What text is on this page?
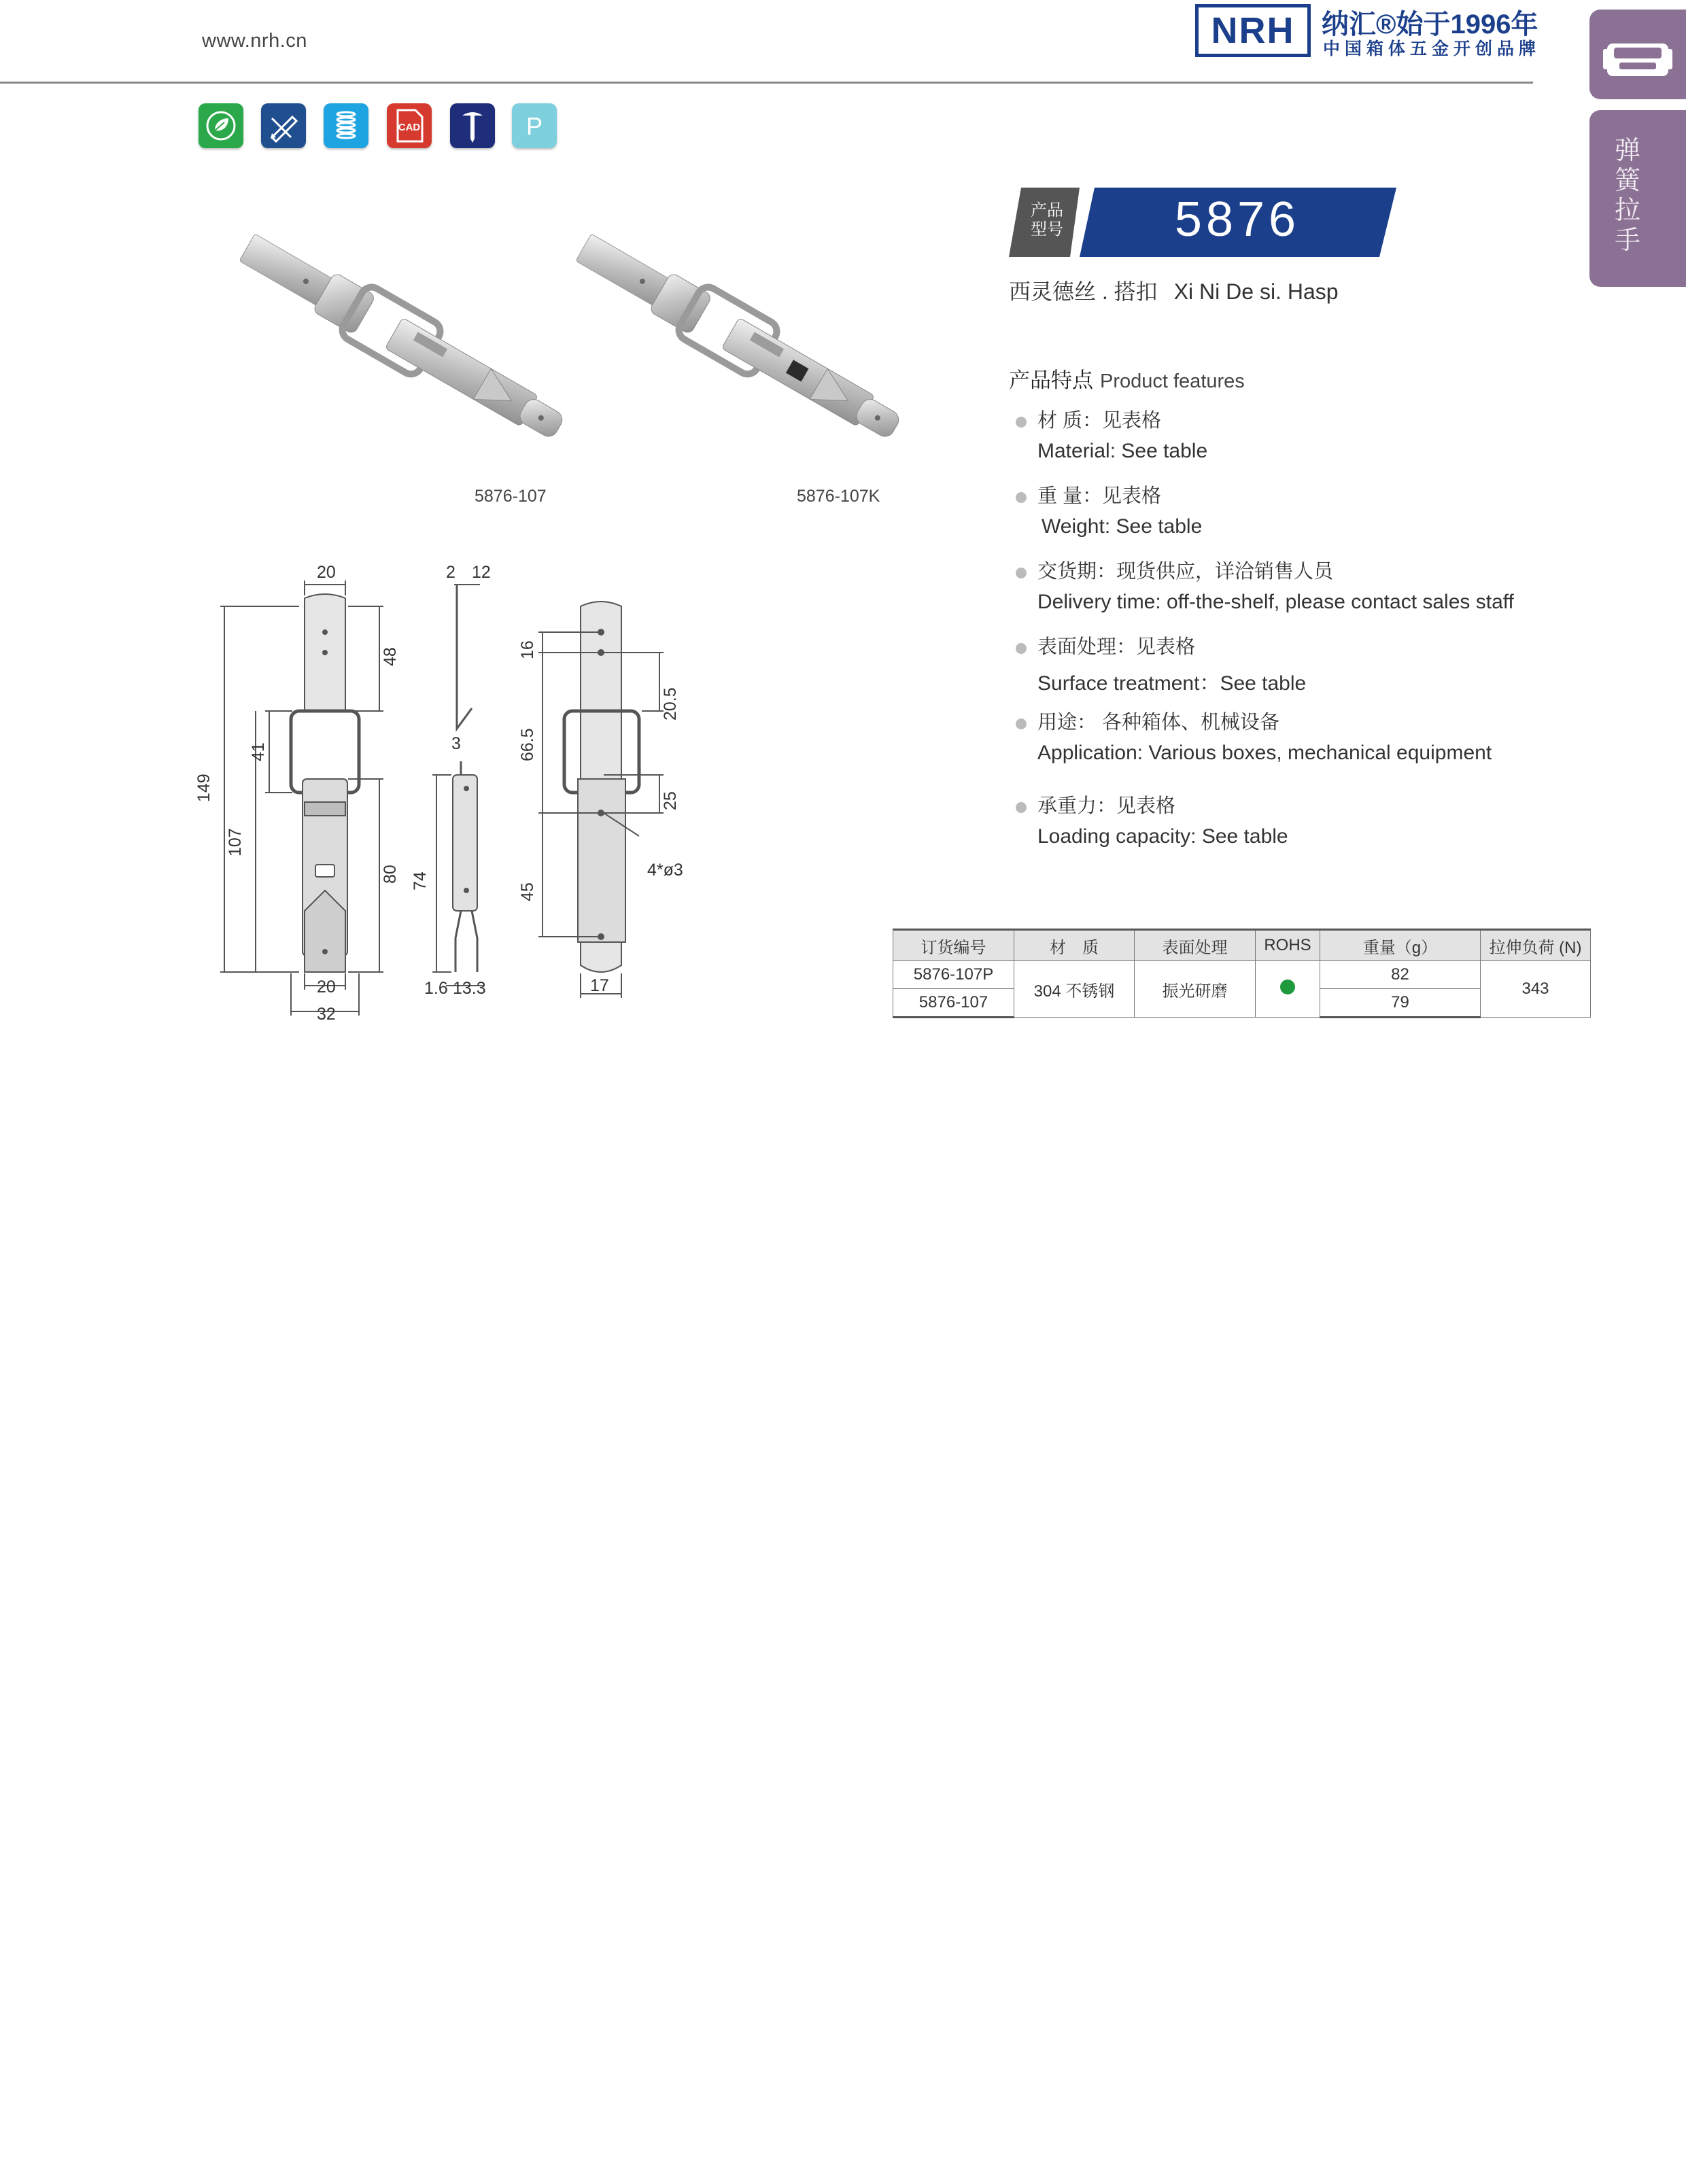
www.nrh.cn	NRH 纳汇®始于1996年
中国箱体五金开创品牌
弹簧拉手
CAD	P
5876-107	5876-107K
产品型号	5876
西灵德丝 . 搭扣 Xi Ni De si. Hasp
产品特点 Product features
材 质：见表格
Material: See table
重 量：见表格
Weight: See table
交货期：现货供应，详洽销售人员
Delivery time: off-the-shelf, please contact sales staff
表面处理：见表格
Surface treatment：See table
用途： 各种箱体、机械设备
Application: Various boxes, mechanical equipment
承重力：见表格
Loading capacity: See table
20
48
41
149
107
80
20
32
2 12
3
74
1.6 13.3
16
20.5
66.5
25
45
4*ø3
17
订货编号	材　质	表面处理	ROHS	重量（g）	拉伸负荷 (N)
5876-107P	304 不锈钢	振光研磨		82	343
5876-107				79	
